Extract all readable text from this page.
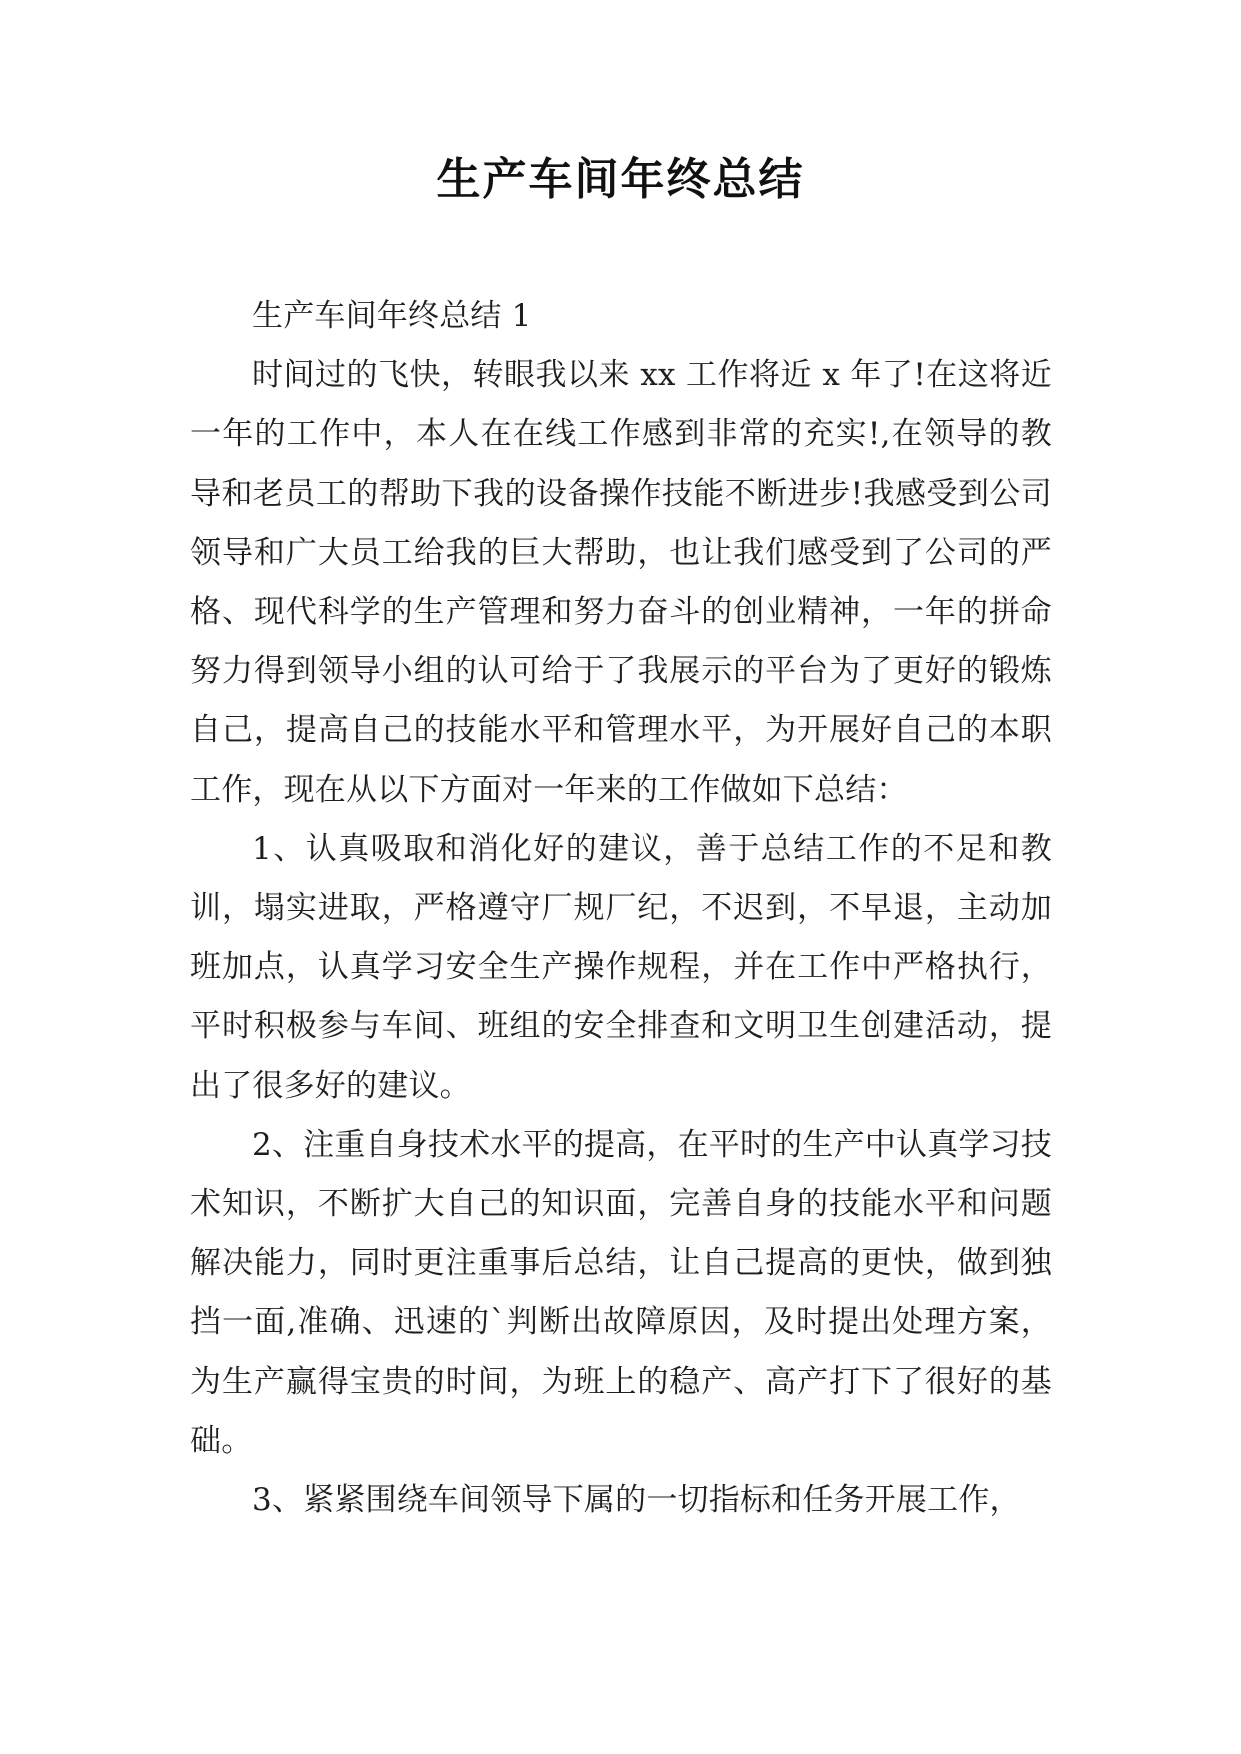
生产车间年终总结

生产车间年终总结 1

时间过的飞快，转眼我以来 xx 工作将近 x 年了!在这将近一年的工作中，本人在在线工作感到非常的充实!,在领导的教导和老员工的帮助下我的设备操作技能不断进步!我感受到公司领导和广大员工给我的巨大帮助，也让我们感受到了公司的严格、现代科学的生产管理和努力奋斗的创业精神，一年的拼命努力得到领导小组的认可给于了我展示的平台为了更好的锻炼自己，提高自己的技能水平和管理水平，为开展好自己的本职工作，现在从以下方面对一年来的工作做如下总结：

1、认真吸取和消化好的建议，善于总结工作的不足和教训，塌实进取，严格遵守厂规厂纪，不迟到，不早退，主动加班加点，认真学习安全生产操作规程，并在工作中严格执行，平时积极参与车间、班组的安全排查和文明卫生创建活动，提出了很多好的建议。

2、注重自身技术水平的提高，在平时的生产中认真学习技术知识，不断扩大自己的知识面，完善自身的技能水平和问题解决能力，同时更注重事后总结，让自己提高的更快，做到独挡一面,准确、迅速的`判断出故障原因，及时提出处理方案，为生产赢得宝贵的时间，为班上的稳产、高产打下了很好的基础。

3、紧紧围绕车间领导下属的一切指标和任务开展工作，
